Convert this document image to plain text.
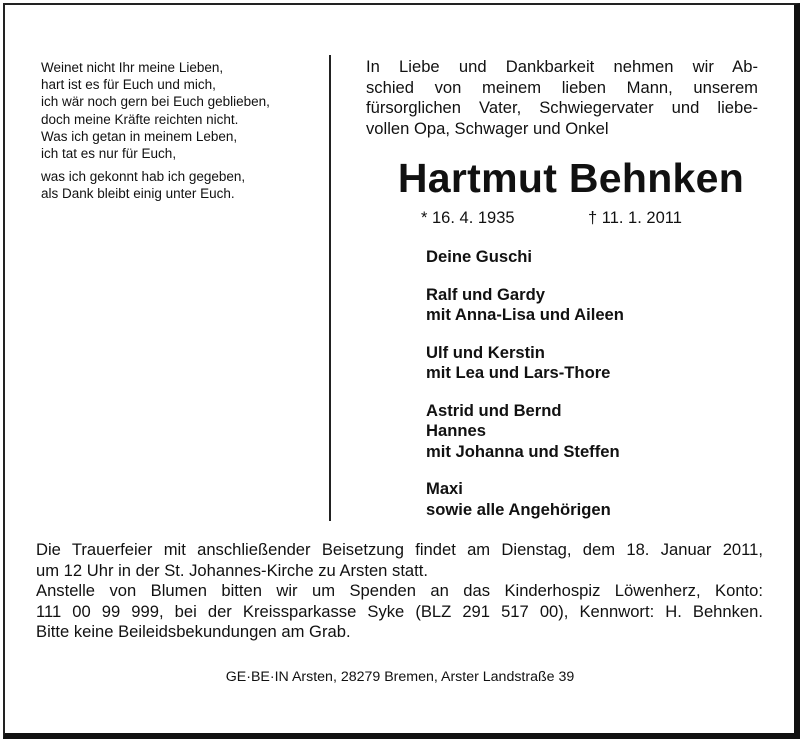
Weinet nicht Ihr meine Lieben,
hart ist es für Euch und mich,
ich wär noch gern bei Euch geblieben,
doch meine Kräfte reichten nicht.
Was ich getan in meinem Leben,
ich tat es nur für Euch,
was ich gekonnt hab ich gegeben,
als Dank bleibt einig unter Euch.
In Liebe und Dankbarkeit nehmen wir Ab-
schied von meinem lieben Mann, unserem
fürsorglichen Vater, Schwiegervater und liebe-
vollen Opa, Schwager und Onkel
Hartmut Behnken
* 16. 4. 1935	† 11. 1. 2011
Deine Guschi
Ralf und Gardy
mit Anna-Lisa und Aileen
Ulf und Kerstin
mit Lea und Lars-Thore
Astrid und Bernd
Hannes
mit Johanna und Steffen
Maxi
sowie alle Angehörigen
Die Trauerfeier mit anschließender Beisetzung findet am Dienstag, dem 18. Januar 2011,
um 12 Uhr in der St. Johannes-Kirche zu Arsten statt.
Anstelle von Blumen bitten wir um Spenden an das Kinderhospiz Löwenherz, Konto:
111 00 99 999, bei der Kreissparkasse Syke (BLZ 291 517 00), Kennwort: H. Behnken.
Bitte keine Beileidsbekundungen am Grab.
GE·BE·IN Arsten, 28279 Bremen, Arster Landstraße 39
